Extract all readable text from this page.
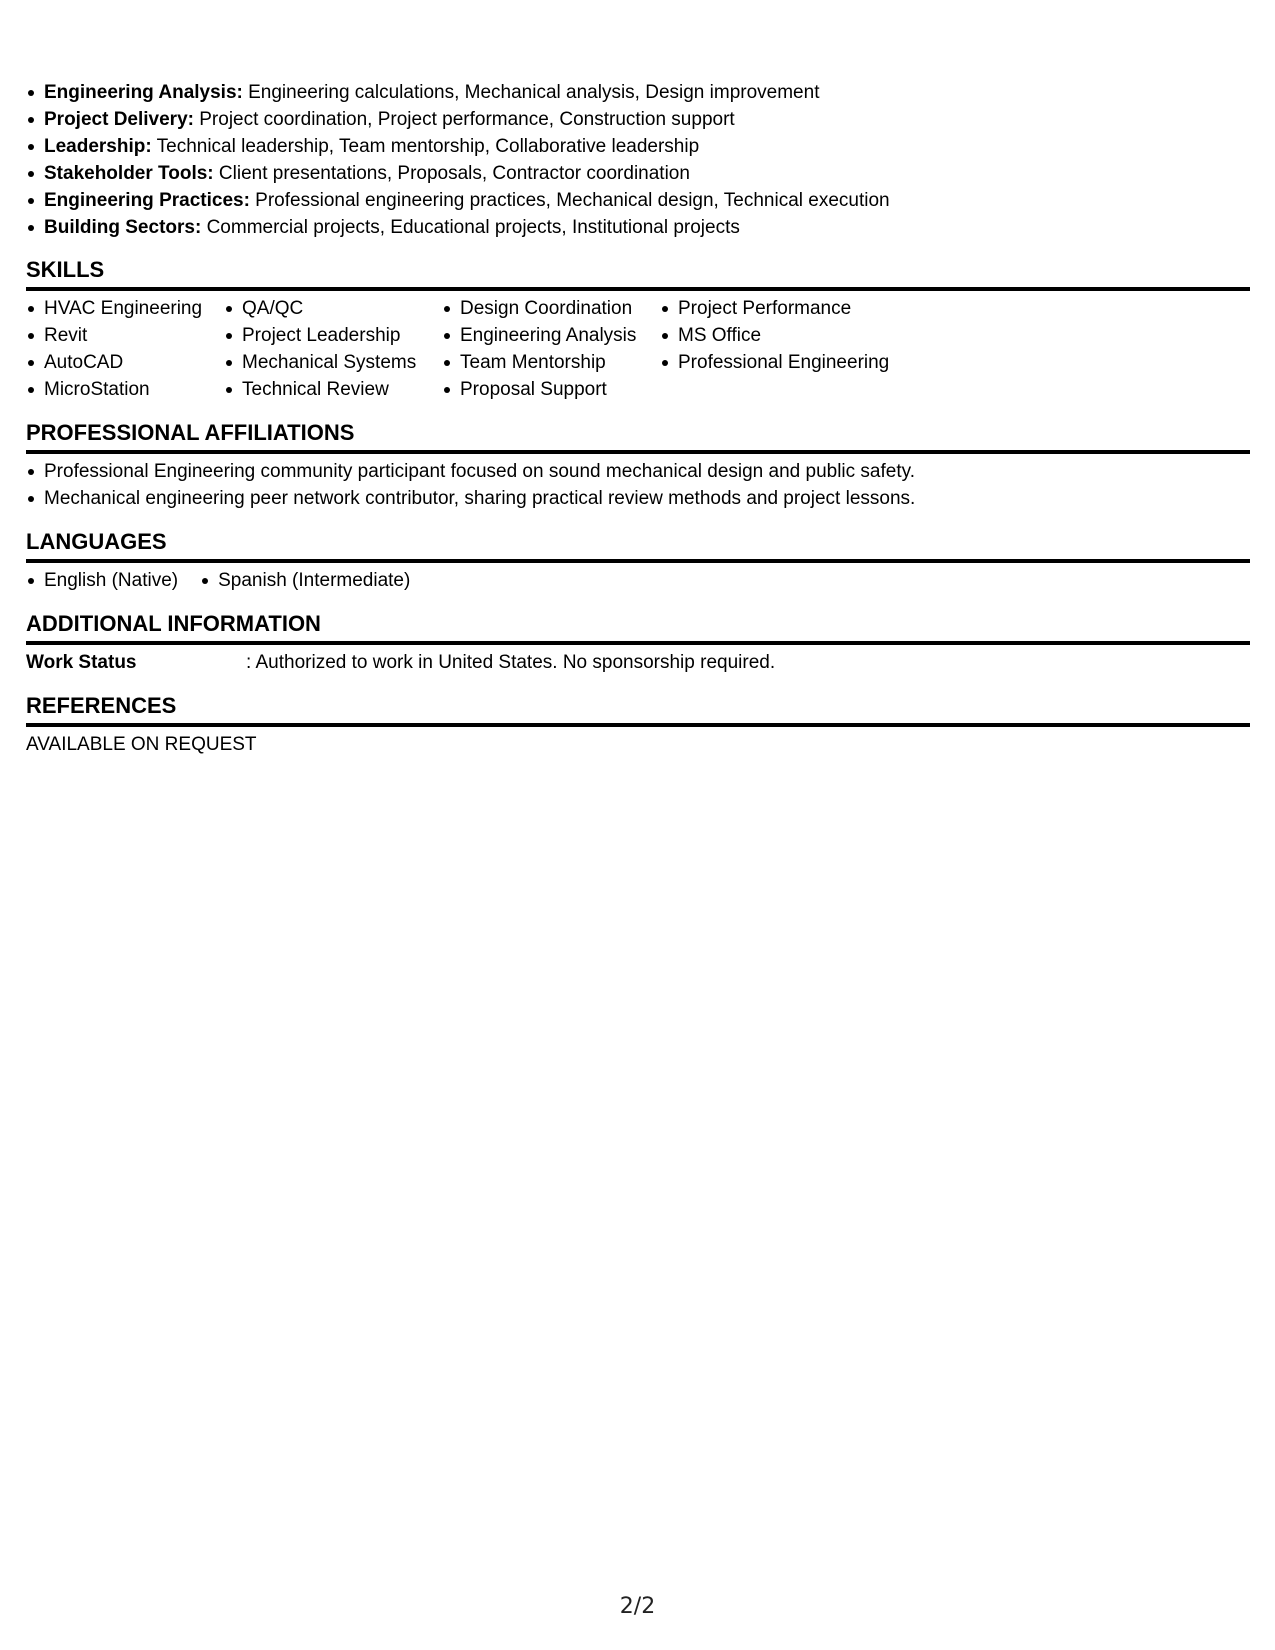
Engineering Analysis: Engineering calculations, Mechanical analysis, Design improvement
Project Delivery: Project coordination, Project performance, Construction support
Leadership: Technical leadership, Team mentorship, Collaborative leadership
Stakeholder Tools: Client presentations, Proposals, Contractor coordination
Engineering Practices: Professional engineering practices, Mechanical design, Technical execution
Building Sectors: Commercial projects, Educational projects, Institutional projects
SKILLS
HVAC Engineering
Revit
AutoCAD
MicroStation
QA/QC
Project Leadership
Mechanical Systems
Technical Review
Design Coordination
Engineering Analysis
Team Mentorship
Proposal Support
Project Performance
MS Office
Professional Engineering
PROFESSIONAL AFFILIATIONS
Professional Engineering community participant focused on sound mechanical design and public safety.
Mechanical engineering peer network contributor, sharing practical review methods and project lessons.
LANGUAGES
English (Native)	Spanish (Intermediate)
ADDITIONAL INFORMATION
Work Status	: Authorized to work in United States. No sponsorship required.
REFERENCES
AVAILABLE ON REQUEST
2/2
